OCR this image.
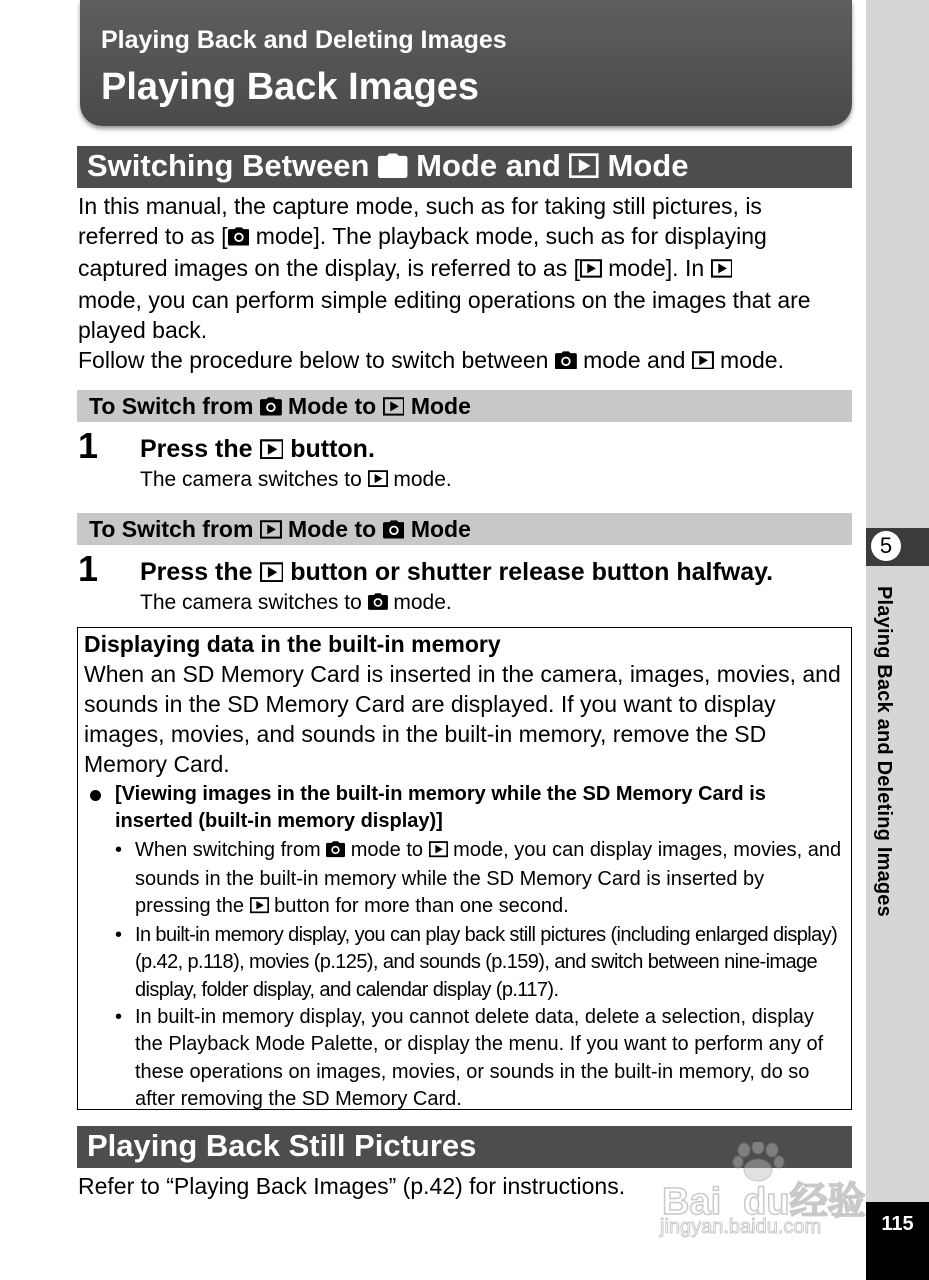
5
Playing Back and Deleting Images
115
Playing Back and Deleting Images
Playing Back Images
Switching Between Mode and Mode
In this manual, the capture mode, such as for taking still pictures, is
referred to as [ mode]. The playback mode, such as for displaying
captured images on the display, is referred to as [ mode]. In
mode, you can perform simple editing operations on the images that are
played back.
Follow the procedure below to switch between  mode and  mode.
To Switch from Mode to Mode
1 Press the  button.
The camera switches to  mode.
To Switch from Mode to Mode
1 Press the  button or shutter release button halfway.
The camera switches to  mode.
Displaying data in the built-in memory

When an SD Memory Card is inserted in the camera, images, movies, and sounds in the SD Memory Card are displayed. If you want to display images, movies, and sounds in the built-in memory, remove the SD Memory Card.

[Viewing images in the built-in memory while the SD Memory Card is inserted (built-in memory display)]
• When switching from  mode to  mode, you can display images, movies, and sounds in the built-in memory while the SD Memory Card is inserted by pressing the  button for more than one second.
• In built-in memory display, you can play back still pictures (including enlarged display) (p.42, p.118), movies (p.125), and sounds (p.159), and switch between nine-image display, folder display, and calendar display (p.117).
• In built-in memory display, you cannot delete data, delete a selection, display the Playback Mode Palette, or display the menu. If you want to perform any of these operations on images, movies, or sounds in the built-in memory, do so after removing the SD Memory Card.
Playing Back Still Pictures
Refer to “Playing Back Images” (p.42) for instructions. Bai du经验
jingyan.baidu.com
